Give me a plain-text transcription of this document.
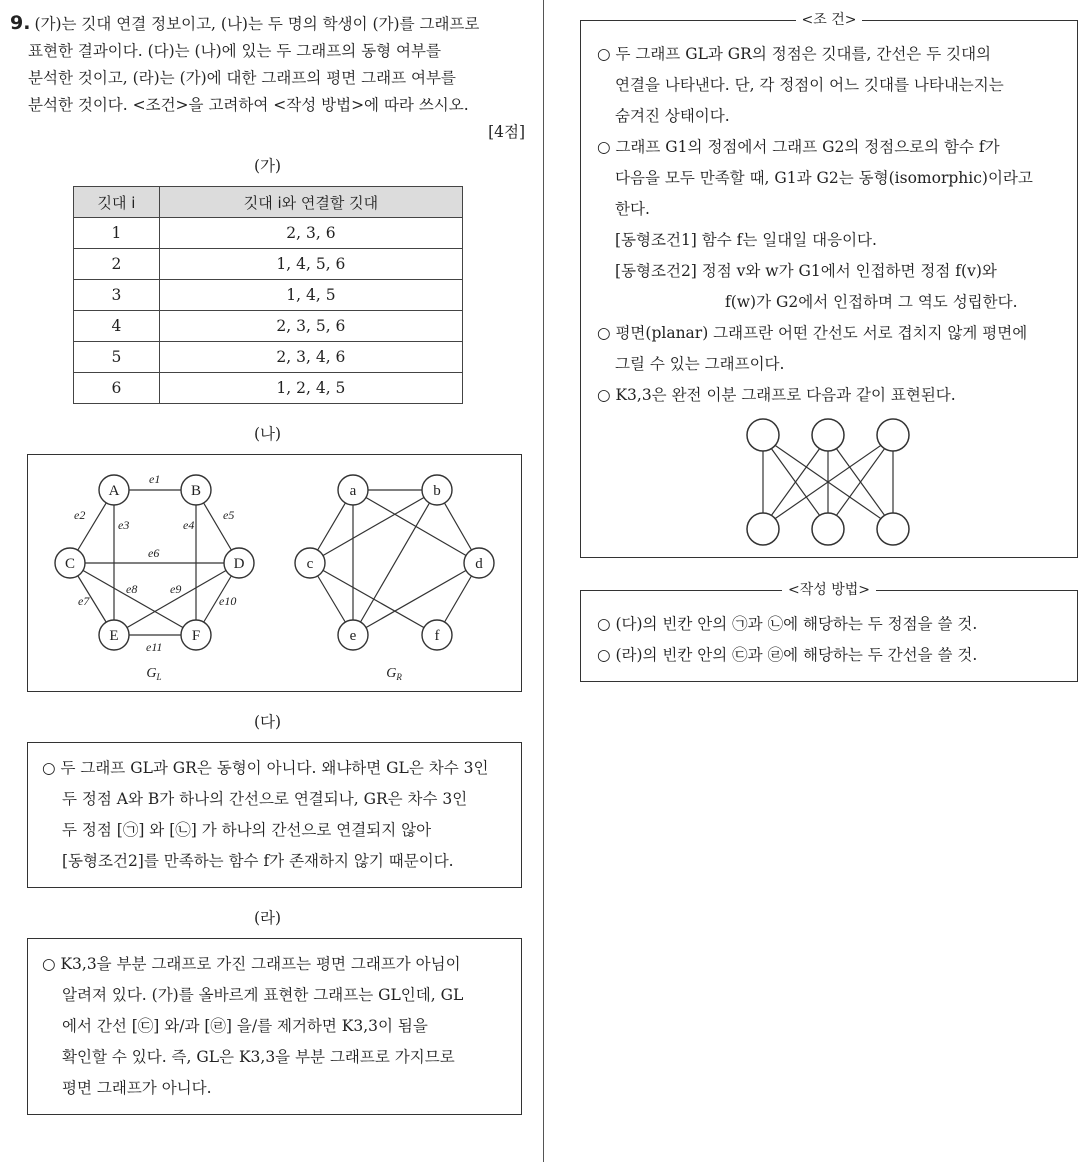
9. (가)는 깃대 연결 정보이고, (나)는 두 명의 학생이 (가)를 그래프로
표현한 결과이다. (다)는 (나)에 있는 두 그래프의 동형 여부를
분석한 것이고, (라)는 (가)에 대한 그래프의 평면 그래프 여부를
분석한 것이다. <조건>을 고려하여 <작성 방법>에 따라 쓰시오.
[4점]
(가)
깃대 i	깃대 i와 연결할 깃대
1	2, 3, 6
2	1, 4, 5, 6
3	1, 4, 5
4	2, 3, 5, 6
5	2, 3, 4, 6
6	1, 2, 4, 5
(나)
A	B
C	D
E	F
a	b
c	d
e	f
e1
e2
e3	e4
e5
e6
e7
e8	e9
e10
e11
$G_L$	$G_R$
(다)
○ 두 그래프 GL과 GR은 동형이 아니다. 왜냐하면 GL은 차수 3인
두 정점 A와 B가 하나의 간선으로 연결되나, GR은 차수 3인
두 정점 [㉠] 와 [㉡] 가 하나의 간선으로 연결되지 않아
[동형조건2]를 만족하는 함수 f가 존재하지 않기 때문이다.
(라)
○ K3,3을 부분 그래프로 가진 그래프는 평면 그래프가 아님이
알려져 있다. (가)를 올바르게 표현한 그래프는 GL인데, GL
에서 간선 [㉢] 와/과 [㉣] 을/를 제거하면 K3,3이 됨을
확인할 수 있다. 즉, GL은 K3,3을 부분 그래프로 가지므로
평면 그래프가 아니다.
<조 건>
○ 두 그래프 GL과 GR의 정점은 깃대를, 간선은 두 깃대의
연결을 나타낸다. 단, 각 정점이 어느 깃대를 나타내는지는
숨겨진 상태이다.
○ 그래프 G1의 정점에서 그래프 G2의 정점으로의 함수 f가
다음을 모두 만족할 때, G1과 G2는 동형(isomorphic)이라고
한다.
[동형조건1] 함수 f는 일대일 대응이다.
[동형조건2] 정점 v와 w가 G1에서 인접하면 정점 f(v)와
f(w)가 G2에서 인접하며 그 역도 성립한다.
○ 평면(planar) 그래프란 어떤 간선도 서로 겹치지 않게 평면에
그릴 수 있는 그래프이다.
○ K3,3은 완전 이분 그래프로 다음과 같이 표현된다.
<작성 방법>
○ (다)의 빈칸 안의 ㉠과 ㉡에 해당하는 두 정점을 쓸 것.
○ (라)의 빈칸 안의 ㉢과 ㉣에 해당하는 두 간선을 쓸 것.
